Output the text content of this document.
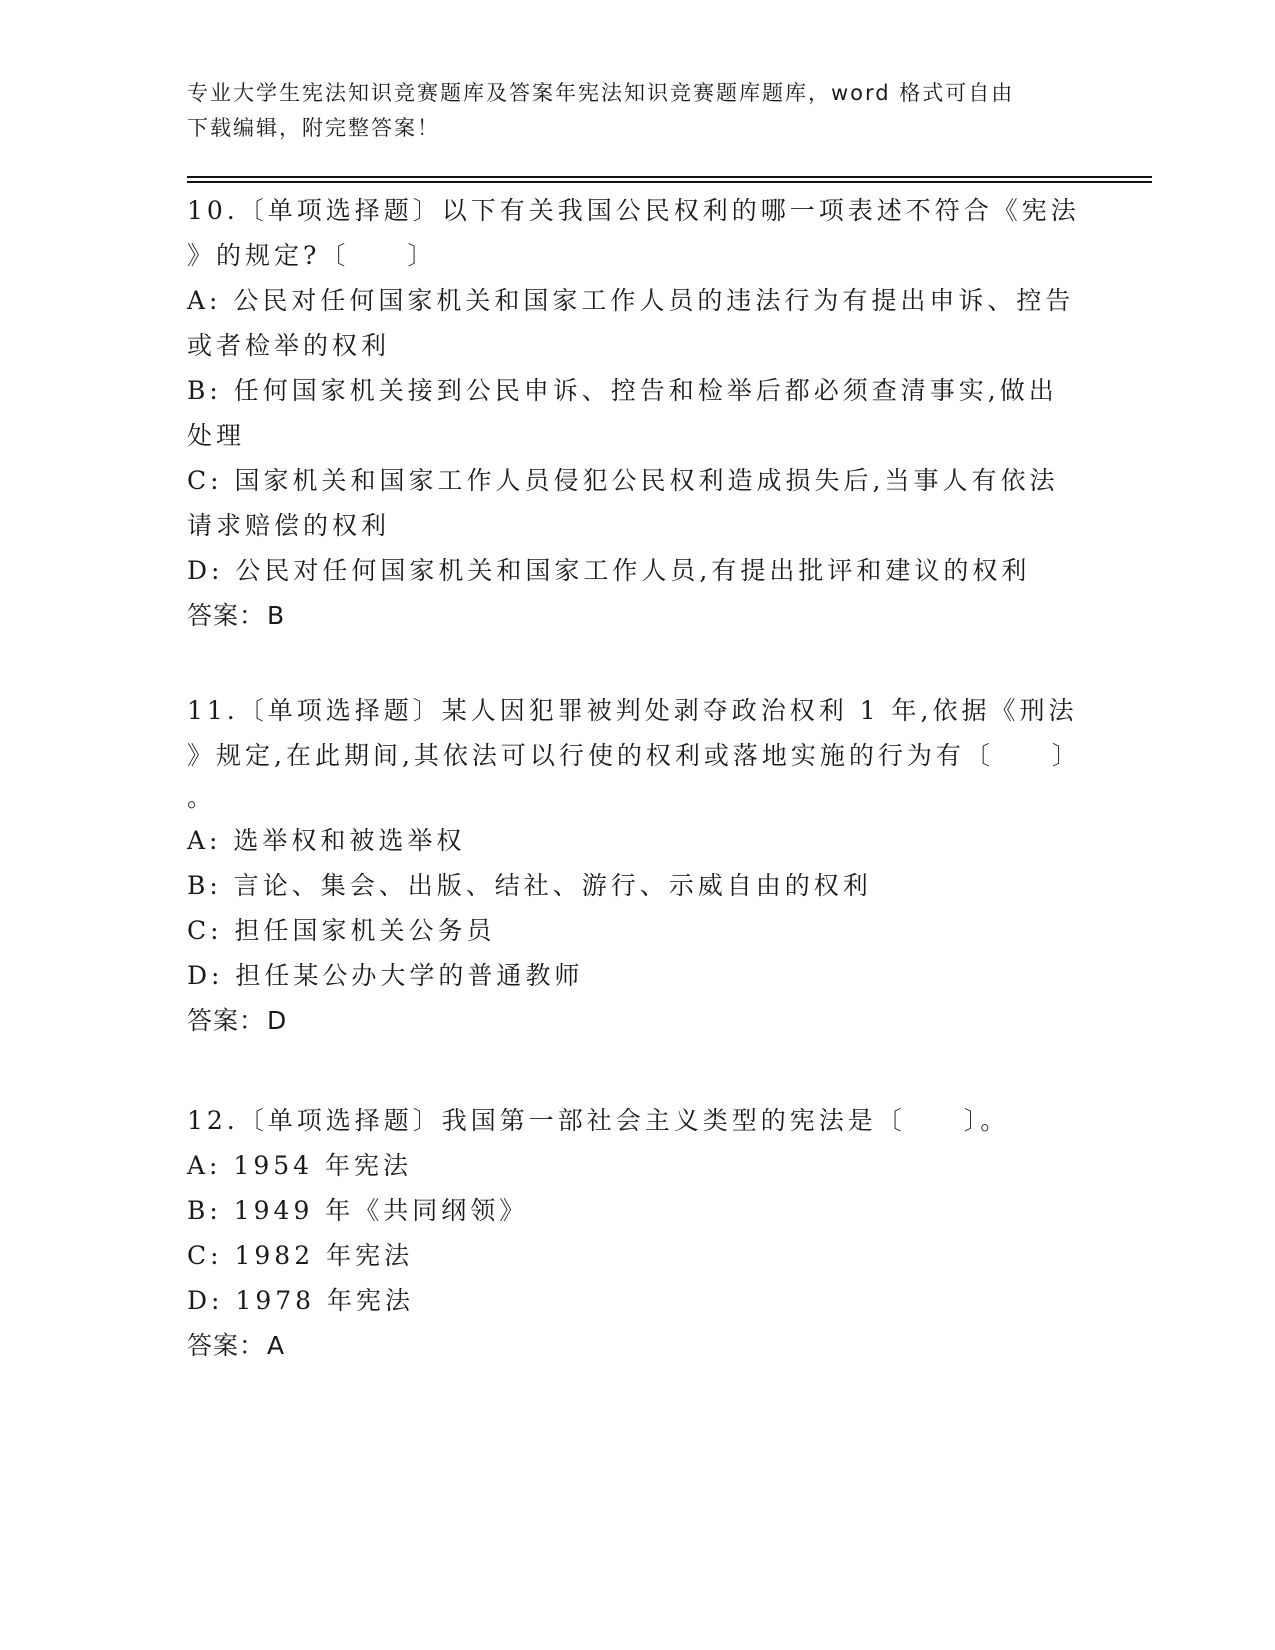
专业大学生宪法知识竞赛题库及答案年宪法知识竞赛题库题库，word 格式可自由
下载编辑，附完整答案！

10.〔单项选择题〕以下有关我国公民权利的哪一项表述不符合《宪法

》的规定?〔　　〕

A: 公民对任何国家机关和国家工作人员的违法行为有提出申诉、控告

或者检举的权利

B: 任何国家机关接到公民申诉、控告和检举后都必须查清事实,做出

处理

C: 国家机关和国家工作人员侵犯公民权利造成损失后,当事人有依法

请求赔偿的权利

D: 公民对任何国家机关和国家工作人员,有提出批评和建议的权利

答案：B

11.〔单项选择题〕某人因犯罪被判处剥夺政治权利 1 年,依据《刑法

》规定,在此期间,其依法可以行使的权利或落地实施的行为有〔　　〕

。

A: 选举权和被选举权

B: 言论、集会、出版、结社、游行、示威自由的权利

C: 担任国家机关公务员

D: 担任某公办大学的普通教师

答案：D

12.〔单项选择题〕我国第一部社会主义类型的宪法是〔　　〕。

A: 1954 年宪法

B: 1949 年《共同纲领》

C: 1982 年宪法

D: 1978 年宪法

答案：A
